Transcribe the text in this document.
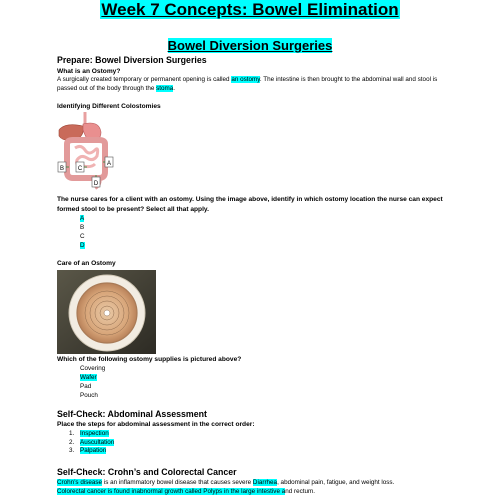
Week 7 Concepts: Bowel Elimination
Bowel Diversion Surgeries
Prepare: Bowel Diversion Surgeries
What is an Ostomy?

A surgically created temporary or permanent opening is called an ostomy. The intestine is then brought to the abdominal wall and stool is passed out of the body through the stoma.

Identifying Different Colostomies
B C
A
D

The nurse cares for a client with an ostomy. Using the image above, identify in which ostomy location the nurse can expect formed stool to be present? Select all that apply.

A
B
C
D
Care of an Ostomy

Which of the following ostomy supplies is pictured above?

Covering
Wafer
Pad
Pouch
Self-Check: Abdominal Assessment

Place the steps for abdominal assessment in the correct order:

1. Inspection
2. Auscultation
3. Palpation
Self-Check: Crohn’s and Colorectal Cancer

Crohn’s disease is an inflammatory bowel disease that causes severe Diarrhea, abdominal pain, fatigue, and weight loss.
Colorectal cancer is found inabnormal growth called Polyps in the large intestive and rectum.
